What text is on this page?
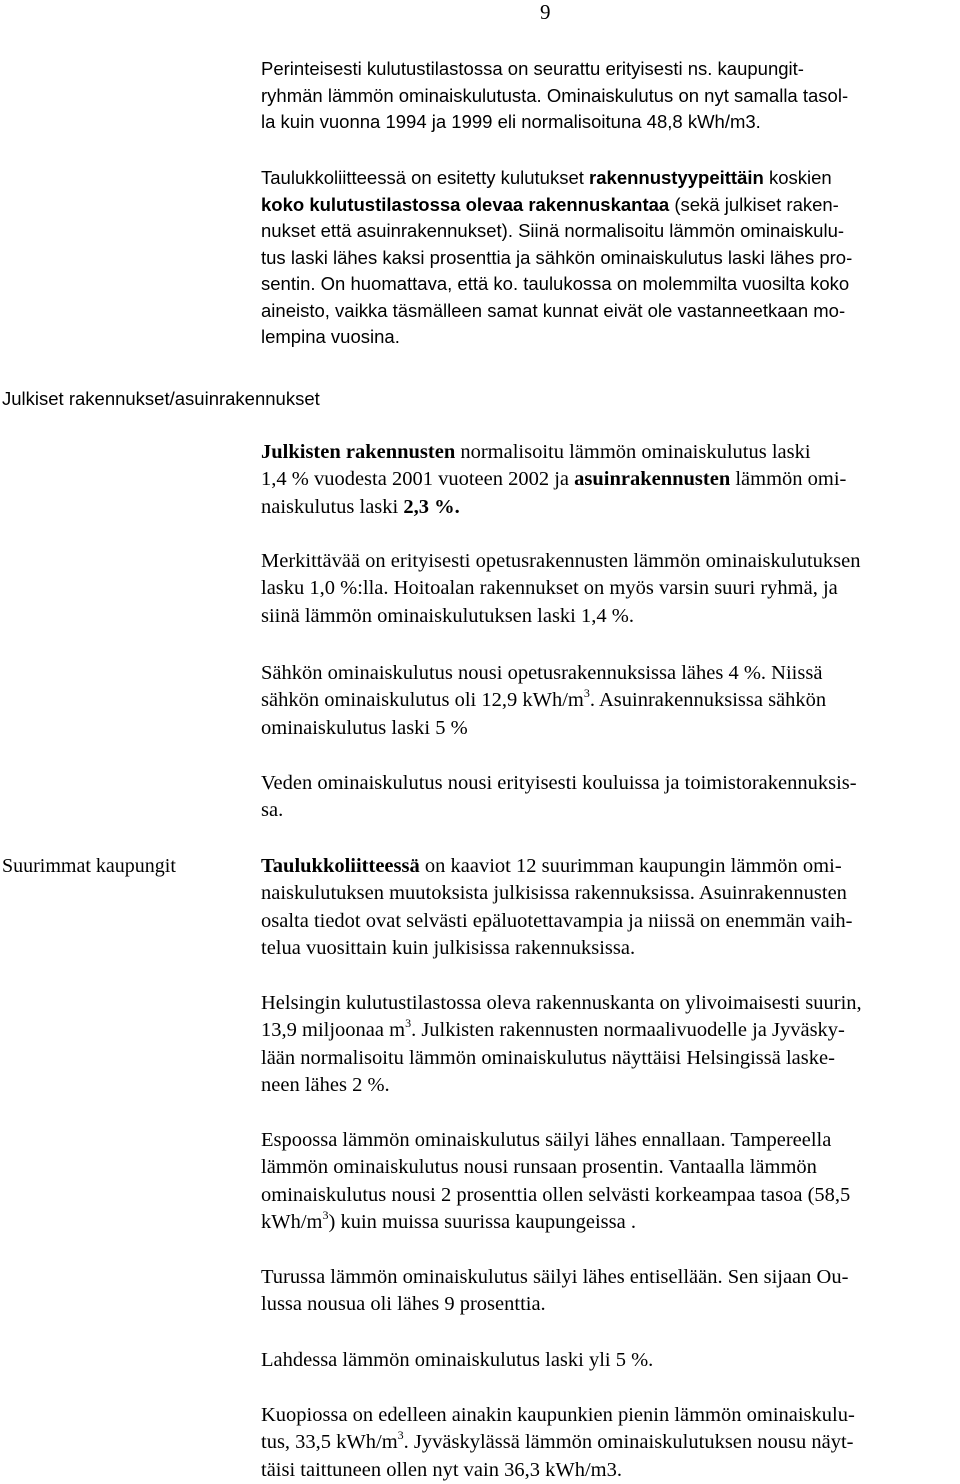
9
Perinteisesti kulutustilastossa on seurattu erityisesti ns. kaupungit-
ryhmän lämmön ominaiskulutusta. Ominaiskulutus on nyt samalla tasol-
la kuin vuonna 1994 ja 1999 eli normalisoituna 48,8 kWh/m3.
Taulukkoliitteessä on esitetty kulutukset rakennustyypeittäin koskien
koko kulutustilastossa olevaa rakennuskantaa (sekä julkiset raken-
nukset että asuinrakennukset). Siinä normalisoitu lämmön ominaiskulu-
tus laski lähes kaksi prosenttia ja sähkön ominaiskulutus laski lähes pro-
sentin. On huomattava, että ko. taulukossa on molemmilta vuosilta koko
aineisto, vaikka täsmälleen samat kunnat eivät ole vastanneetkaan mo-
lempina vuosina.
Julkiset rakennukset/asuinrakennukset
Julkisten rakennusten normalisoitu lämmön ominaiskulutus laski
1,4 % vuodesta 2001 vuoteen 2002 ja asuinrakennusten lämmön omi-
naiskulutus laski 2,3 %.
Merkittävää on erityisesti opetusrakennusten lämmön ominaiskulutuksen
lasku 1,0 %:lla. Hoitoalan rakennukset on myös varsin suuri ryhmä, ja
siinä lämmön ominaiskulutuksen laski 1,4 %.
Sähkön ominaiskulutus nousi opetusrakennuksissa lähes 4 %. Niissä
sähkön ominaiskulutus oli 12,9 kWh/$m^3$. Asuinrakennuksissa sähkön
ominaiskulutus laski 5 %
Veden ominaiskulutus nousi erityisesti kouluissa ja toimistorakennuksis-
sa.
Suurimmat kaupungit	Taulukkoliitteessä on kaaviot 12 suurimman kaupungin lämmön omi-
naiskulutuksen muutoksista julkisissa rakennuksissa. Asuinrakennusten
osalta tiedot ovat selvästi epäluotettavampia ja niissä on enemmän vaih-
telua vuosittain kuin julkisissa rakennuksissa.
Helsingin kulutustilastossa oleva rakennuskanta on ylivoimaisesti suurin,
13,9 miljoonaa $m^3$. Julkisten rakennusten normaalivuodelle ja Jyväsky-
lään normalisoitu lämmön ominaiskulutus näyttäisi Helsingissä laske-
neen lähes 2 %.
Espoossa lämmön ominaiskulutus säilyi lähes ennallaan. Tampereella
lämmön ominaiskulutus nousi runsaan prosentin. Vantaalla lämmön
ominaiskulutus nousi 2 prosenttia ollen selvästi korkeampaa tasoa (58,5
kWh/$m^3$) kuin muissa suurissa kaupungeissa .
Turussa lämmön ominaiskulutus säilyi lähes entisellään. Sen sijaan Ou-
lussa nousua oli lähes 9 prosenttia.
Lahdessa lämmön ominaiskulutus laski yli 5 %.
Kuopiossa on edelleen ainakin kaupunkien pienin lämmön ominaiskulu-
tus, 33,5 kWh/$m^3$. Jyväskylässä lämmön ominaiskulutuksen nousu näyt-
täisi taittuneen ollen nyt vain 36,3 kWh/m3.
